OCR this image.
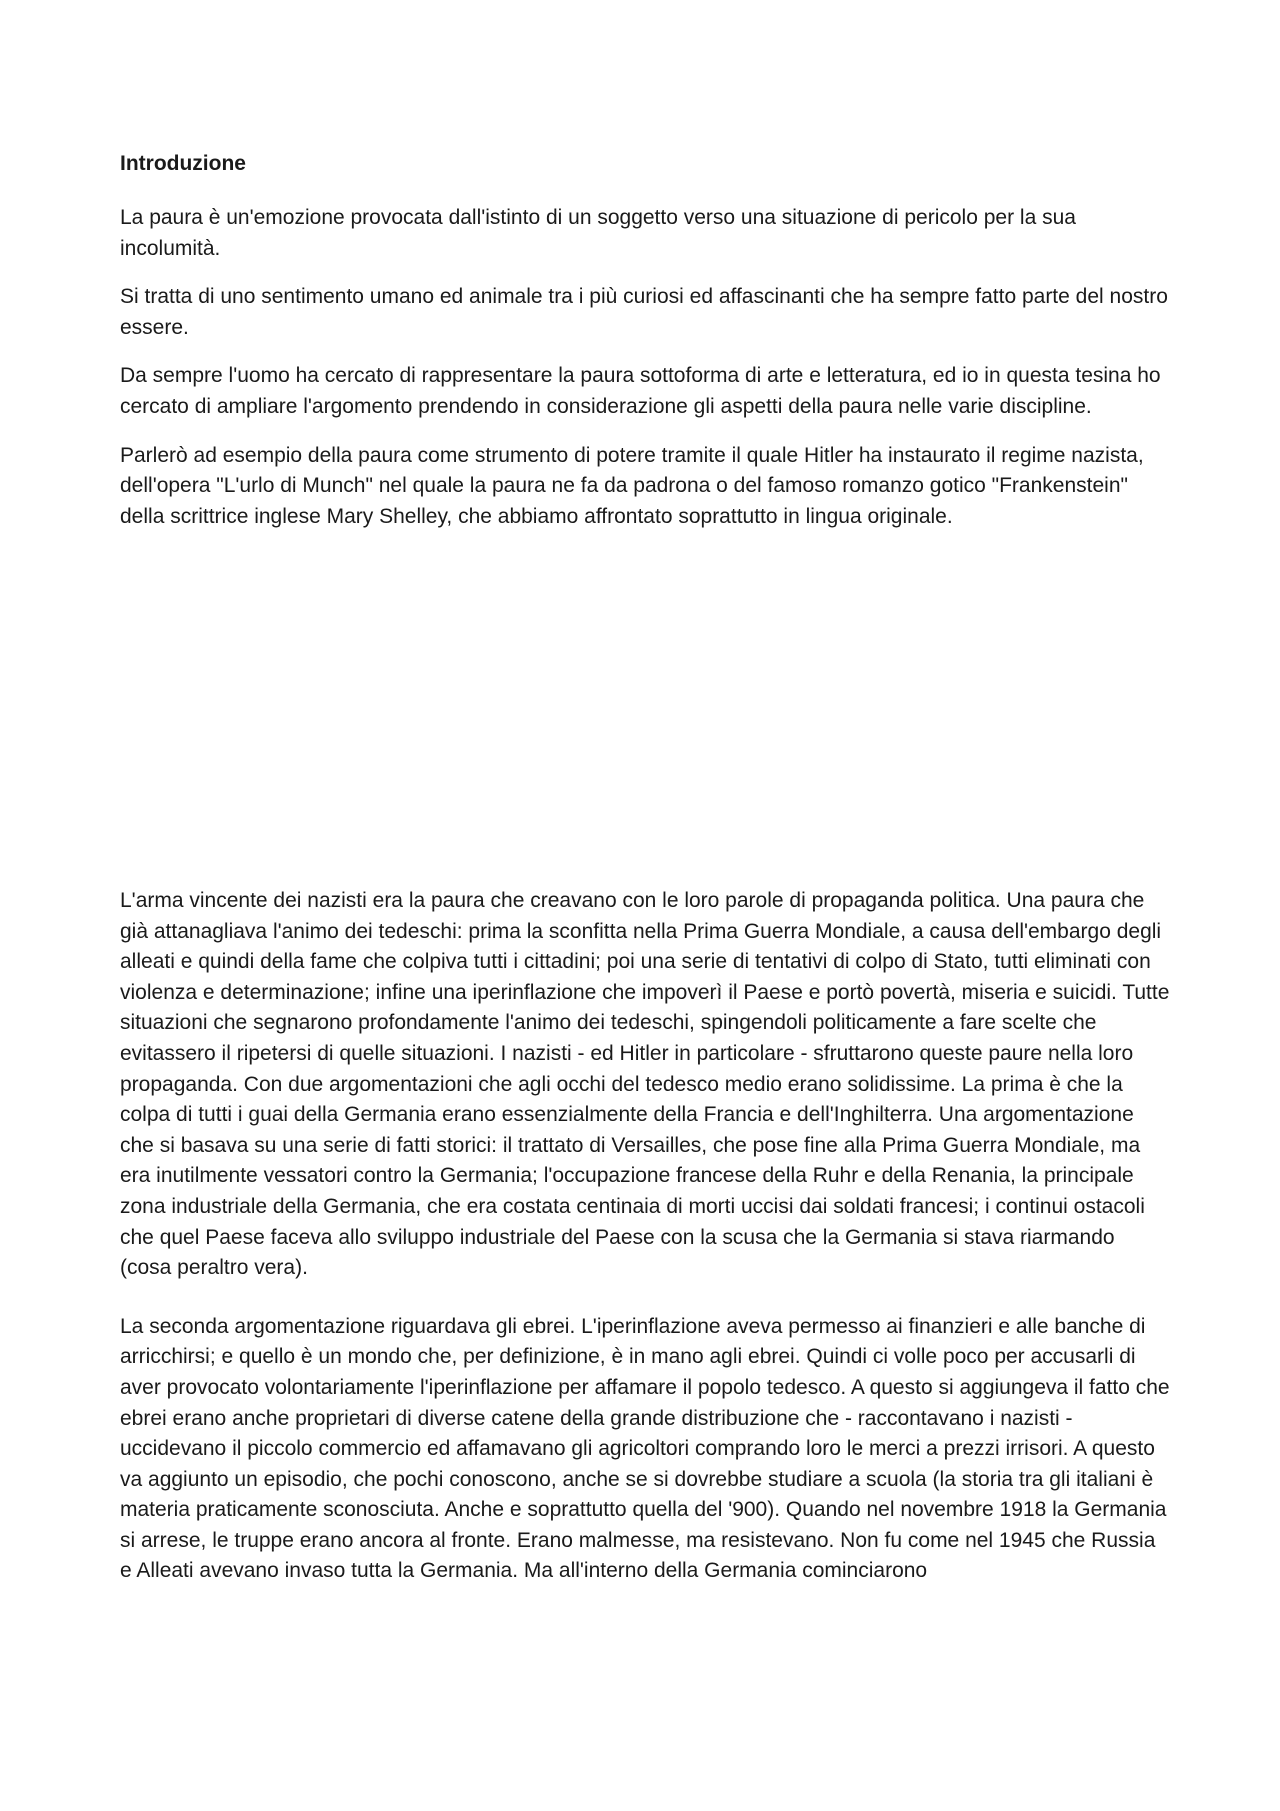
Introduzione

La paura è un'emozione provocata dall'istinto di un soggetto verso una situazione di pericolo per la sua incolumità.

Si tratta di uno sentimento umano ed animale tra i più curiosi ed affascinanti che ha sempre fatto parte del nostro essere.

Da sempre l'uomo ha cercato di rappresentare la paura sottoforma di arte e letteratura, ed io in questa tesina ho cercato di ampliare l'argomento prendendo in considerazione gli aspetti della paura nelle varie discipline.

Parlerò ad esempio della paura come strumento di potere tramite il quale Hitler ha instaurato il regime nazista, dell'opera "L'urlo di Munch" nel quale la paura ne fa da padrona o del famoso romanzo gotico "Frankenstein" della scrittrice inglese Mary Shelley, che abbiamo affrontato soprattutto in lingua originale.

L'arma vincente dei nazisti era la paura che creavano con le loro parole di propaganda politica. Una paura che già attanagliava l'animo dei tedeschi: prima la sconfitta nella Prima Guerra Mondiale, a causa dell'embargo degli alleati e quindi della fame che colpiva tutti i cittadini; poi una serie di tentativi di colpo di Stato, tutti eliminati con violenza e determinazione; infine una iperinflazione che impoverì il Paese e portò povertà, miseria e suicidi. Tutte situazioni che segnarono profondamente l'animo dei tedeschi, spingendoli politicamente a fare scelte che evitassero il ripetersi di quelle situazioni. I nazisti - ed Hitler in particolare - sfruttarono queste paure nella loro propaganda. Con due argomentazioni che agli occhi del tedesco medio erano solidissime. La prima è che la colpa di tutti i guai della Germania erano essenzialmente della Francia e dell'Inghilterra. Una argomentazione che si basava su una serie di fatti storici: il trattato di Versailles, che pose fine alla Prima Guerra Mondiale, ma era inutilmente vessatori contro la Germania; l'occupazione francese della Ruhr e della Renania, la principale zona industriale della Germania, che era costata centinaia di morti uccisi dai soldati francesi; i continui ostacoli che quel Paese faceva allo sviluppo industriale del Paese con la scusa che la Germania si stava riarmando (cosa peraltro vera).

La seconda argomentazione riguardava gli ebrei. L'iperinflazione aveva permesso ai finanzieri e alle banche di arricchirsi; e quello è un mondo che, per definizione, è in mano agli ebrei. Quindi ci volle poco per accusarli di aver provocato volontariamente l'iperinflazione per affamare il popolo tedesco. A questo si aggiungeva il fatto che ebrei erano anche proprietari di diverse catene della grande distribuzione che - raccontavano i nazisti - uccidevano il piccolo commercio ed affamavano gli agricoltori comprando loro le merci a prezzi irrisori. A questo va aggiunto un episodio, che pochi conoscono, anche se si dovrebbe studiare a scuola (la storia tra gli italiani è materia praticamente sconosciuta. Anche e soprattutto quella del '900). Quando nel novembre 1918 la Germania si arrese, le truppe erano ancora al fronte. Erano malmesse, ma resistevano. Non fu come nel 1945 che Russia e Alleati avevano invaso tutta la Germania. Ma all'interno della Germania cominciarono
